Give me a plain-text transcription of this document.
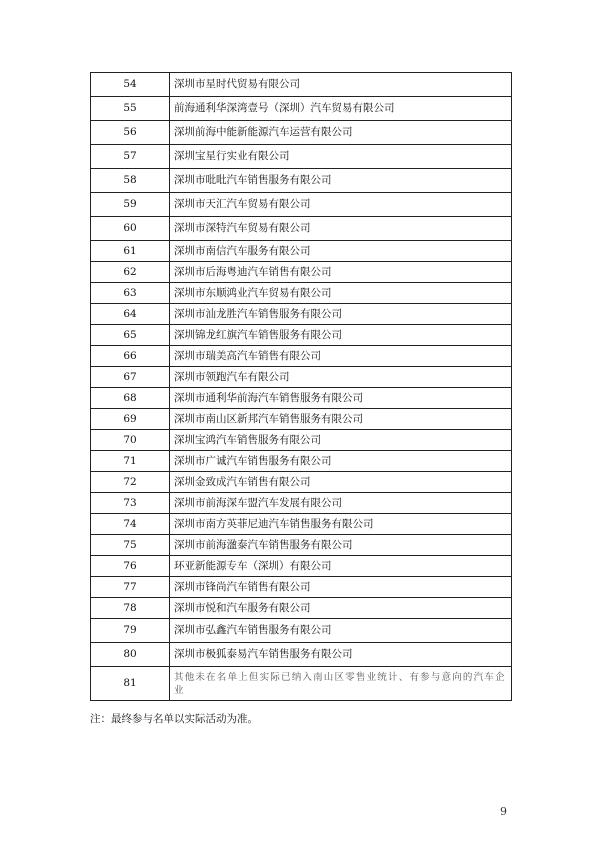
54	深圳市星时代贸易有限公司
55	前海通利华深湾壹号（深圳）汽车贸易有限公司
56	深圳前海中能新能源汽车运营有限公司
57	深圳宝星行实业有限公司
58	深圳市吡吡汽车销售服务有限公司
59	深圳市天汇汽车贸易有限公司
60	深圳市深特汽车贸易有限公司
61	深圳市南信汽车服务有限公司
62	深圳市后海粤迪汽车销售有限公司
63	深圳市东顺鸿业汽车贸易有限公司
64	深圳市汕龙胜汽车销售服务有限公司
65	深圳锦龙红旗汽车销售服务有限公司
66	深圳市瑞美高汽车销售有限公司
67	深圳市领跑汽车有限公司
68	深圳市通利华前海汽车销售服务有限公司
69	深圳市南山区新邦汽车销售服务有限公司
70	深圳宝鸿汽车销售服务有限公司
71	深圳市广诚汽车销售服务有限公司
72	深圳金致成汽车销售有限公司
73	深圳市前海深车盟汽车发展有限公司
74	深圳市南方英菲尼迪汽车销售服务有限公司
75	深圳市前海溋泰汽车销售服务有限公司
76	环亚新能源专车（深圳）有限公司
77	深圳市锋尚汽车销售有限公司
78	深圳市悦和汽车服务有限公司
79	深圳市弘鑫汽车销售服务有限公司
80	深圳市极狐泰易汽车销售服务有限公司
81	其他未在名单上但实际已纳入南山区零售业统计、有参与意向的汽车企业
注：最终参与名单以实际活动为准。
9
